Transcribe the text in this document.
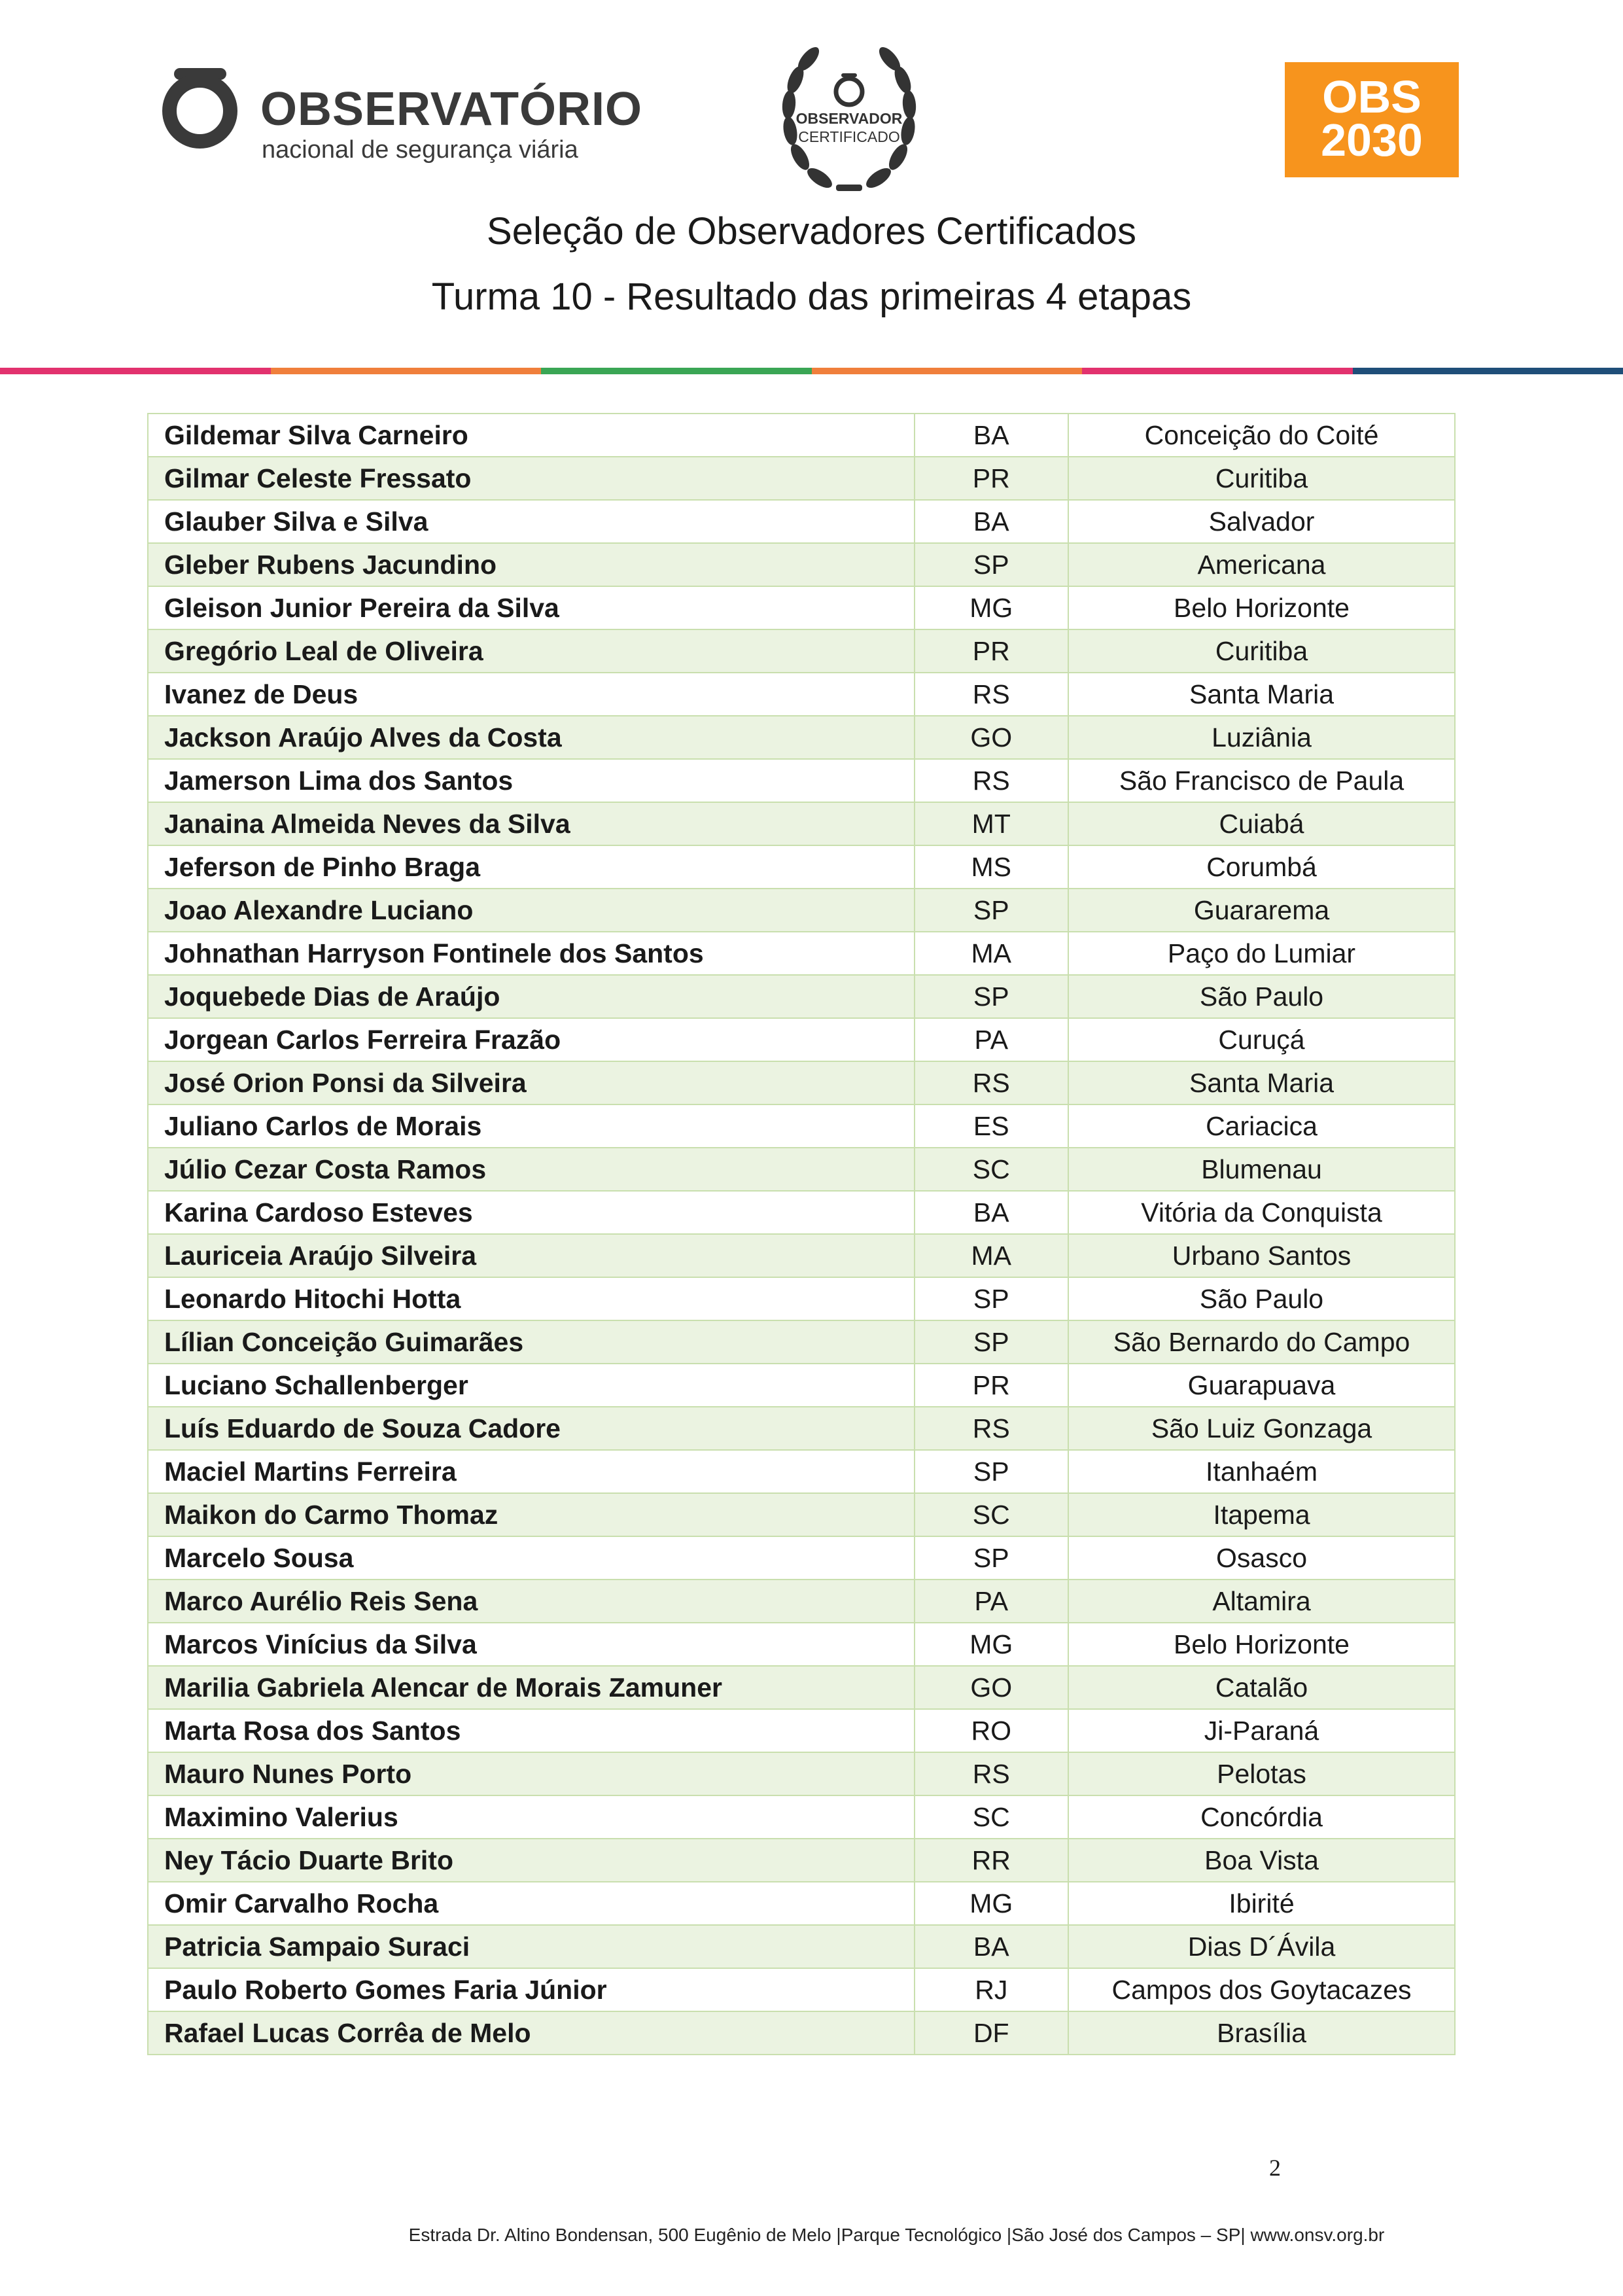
OBSERVATÓRIO
nacional de segurança viária
OBSERVADOR
CERTIFICADO
OBS
2030
Seleção de Observadores Certificados
Turma 10 - Resultado das primeiras 4 etapas
Gildemar Silva Carneiro	BA	Conceição do Coité
Gilmar Celeste Fressato	PR	Curitiba
Glauber Silva e Silva	BA	Salvador
Gleber Rubens Jacundino	SP	Americana
Gleison Junior Pereira da Silva	MG	Belo Horizonte
Gregório Leal de Oliveira	PR	Curitiba
Ivanez de Deus	RS	Santa Maria
Jackson Araújo Alves da Costa	GO	Luziânia
Jamerson Lima dos Santos	RS	São Francisco de Paula
Janaina Almeida Neves da Silva	MT	Cuiabá
Jeferson de Pinho Braga	MS	Corumbá
Joao Alexandre Luciano	SP	Guararema
Johnathan Harryson Fontinele dos Santos	MA	Paço do Lumiar
Joquebede Dias de Araújo	SP	São Paulo
Jorgean Carlos Ferreira Frazão	PA	Curuçá
José Orion Ponsi da Silveira	RS	Santa Maria
Juliano Carlos de Morais	ES	Cariacica
Júlio Cezar Costa Ramos	SC	Blumenau
Karina Cardoso Esteves	BA	Vitória da Conquista
Lauriceia Araújo Silveira	MA	Urbano Santos
Leonardo Hitochi Hotta	SP	São Paulo
Lílian Conceição Guimarães	SP	São Bernardo do Campo
Luciano Schallenberger	PR	Guarapuava
Luís Eduardo de Souza Cadore	RS	São Luiz Gonzaga
Maciel Martins Ferreira	SP	Itanhaém
Maikon do Carmo Thomaz	SC	Itapema
Marcelo Sousa	SP	Osasco
Marco Aurélio Reis Sena	PA	Altamira
Marcos Vinícius da Silva	MG	Belo Horizonte
Marilia Gabriela Alencar de Morais Zamuner	GO	Catalão
Marta Rosa dos Santos	RO	Ji-Paraná
Mauro Nunes Porto	RS	Pelotas
Maximino Valerius	SC	Concórdia
Ney Tácio Duarte Brito	RR	Boa Vista
Omir Carvalho Rocha	MG	Ibirité
Patricia Sampaio Suraci	BA	Dias D´Ávila
Paulo Roberto Gomes Faria Júnior	RJ	Campos dos Goytacazes
Rafael Lucas Corrêa de Melo	DF	Brasília
2
Estrada Dr. Altino Bondensan, 500 Eugênio de Melo |Parque Tecnológico |São José dos Campos – SP| www.onsv.org.br
